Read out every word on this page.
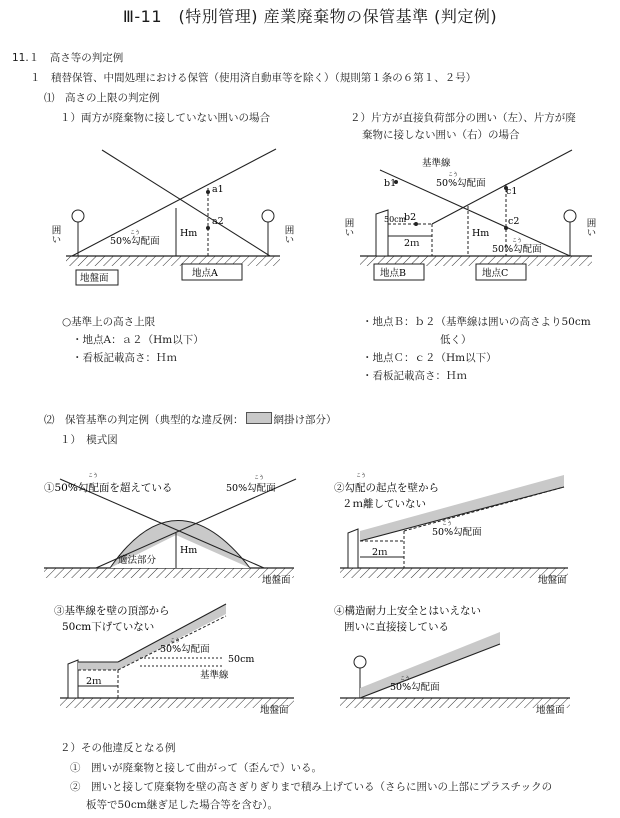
Ⅲ-11　(特別管理) 産業廃棄物の保管基準 (判定例)
11.１　高さ等の判定例
１　積替保管、中間処理における保管（使用済自動車等を除く）（規則第１条の６第１、２号）
⑴　高さの上限の判定例
１）両方が廃棄物に接していない囲いの場合	２）片方が直接負荷部分の囲い（左）、片方が廃
棄物に接しない囲い（右）の場合
a1
a2
Hm
こう
50%勾配面
囲い	囲い
地盤面	地点A
基準線
こう
50%勾配面
b1
b2
c1
c2
50cm
2ｍ
Hm
こう
50%勾配面
囲い	囲い
地点B	地点C
○基準上の高さ上限
・地点A：ａ２（Hm以下）
・看板記載高さ：Ｈｍ
・地点Ｂ：ｂ２（基準線は囲いの高さより50cm
低く）
・地点Ｃ：ｃ２（Hm以下）
・看板記載高さ：Ｈｍ
⑵　保管基準の判定例（典型的な違反例：	網掛け部分）
１）　模式図
①50%勾配面を超えている
こう
50%勾配面
こう
Hm
適法部分
地盤面
②勾配の起点を壁から
こう
２ｍ離していない
こう
50%勾配面
2ｍ
地盤面
③基準線を壁の頂部から
50cm下げていない
こう
50%勾配面
50cm
基準線
2ｍ
地盤面
④構造耐力上安全とはいえない
囲いに直接接している
こう
50%勾配面
地盤面
２）その他違反となる例
①　囲いが廃棄物と接して曲がって（歪んで）いる。
②　囲いと接して廃棄物を壁の高さぎりぎりまで積み上げている（さらに囲いの上部にプラスチックの
板等で50cm継ぎ足した場合等を含む）。
